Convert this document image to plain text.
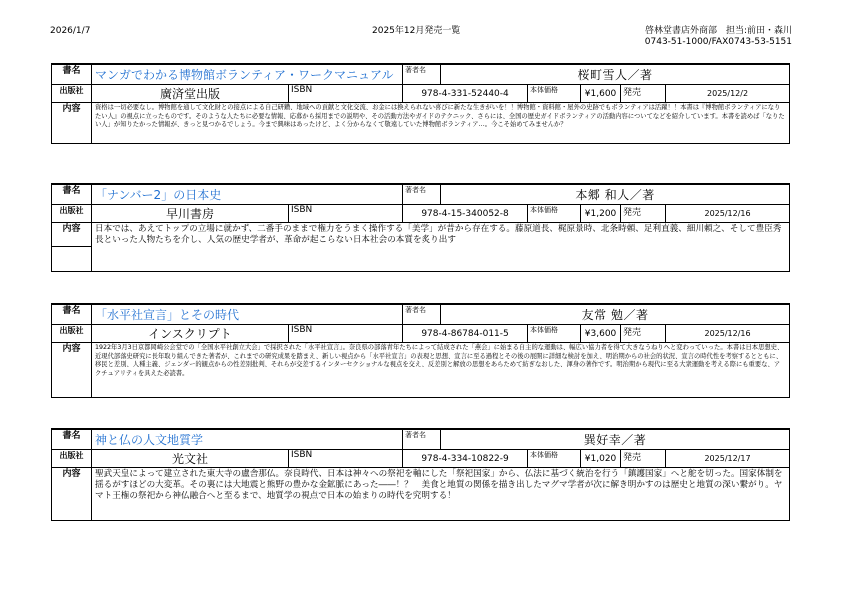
2026/1/7	2025年12月発売一覧	啓林堂書店外商部　担当:前田・森川
0743-51-1000/FAX0743-53-5151
書名	マンガでわかる博物館ボランティア・ワークマニュアル		著者名	桜町雪人／著				
出版社	廣済堂出版	ISBN	978-4-331-52440-4		本体価格	¥1,600	発売	2025/12/2
内容	資格は一切必要なし。博物館を通して文化財との接点による自己研鑽、地域への貢献と文化交流、お金には換えられない喜びに新たな生きがいを！！博物館・資料館・屋外の史跡でもボランティアは活躍！！本書は『博物館ボランティアになりたい人』の視点に立ったものです。そのような人たちに必要な情報、応募から採用までの説明や、その活動方法やガイドのテクニック、さらには、全国の歴史ガイドボランティアの活動内容についてなどを紹介しています。本書を読めば「なりたい人」が知りたかった情報が、きっと見つかるでしょう。今まで興味はあったけど、よく分からなくて敬遠していた博物館ボランティア…。今こそ始めてみませんか？							
書名	「ナンバー2」の日本史		著者名	本郷 和人／著				
出版社	早川書房	ISBN	978-4-15-340052-8		本体価格	¥1,200	発売	2025/12/16
内容	日本では、あえてトップの立場に就かず、二番手のままで権力をうまく操作する「美学」が昔から存在する。藤原道長、梶原景時、北条時頼、足利直義、細川頼之、そして豊臣秀長といった人物たちを介し、人気の歴史学者が、革命が起こらない日本社会の本質を炙り出す							

書名	「水平社宣言」とその時代		著者名	友常 勉／著				
出版社	インスクリプト	ISBN	978-4-86784-011-5		本体価格	¥3,600	発売	2025/12/16
内容	1922年3月3日京都岡崎公会堂での「全国水平社創立大会」で採択された「水平社宣言」。奈良県の部落青年たちによって結成された「燕会」に始まる自主的な運動は、幅広い協力者を得て大きなうねりへと変わっていった。本書は日本思想史、近現代部落史研究に長年取り組んできた著者が、これまでの研究成果を踏まえ、新しい視点から「水平社宣言」の表現と思想、宣言に至る過程とその後の展開に詳細な検討を加え、明治期からの社会的状況、宣言の時代性を考察するとともに、移民と差別、人種主義、ジェンダー的観点からの性差別批判、それらが交差するインターセクショナルな視点を交え、反差別と解放の思想をあらためて紡ぎなおした、渾身の著作です。明治期から現代に至る大衆運動を考える際にも重要な、アクチュアリティを具えた必読書。							
書名	神と仏の人文地質学		著者名	巽好幸／著				
出版社	光文社	ISBN	978-4-334-10822-9		本体価格	¥1,020	発売	2025/12/17
内容	聖武天皇によって建立された東大寺の盧舎那仏。奈良時代、日本は神々への祭祀を軸にした「祭祀国家」から、仏法に基づく統治を行う「鎮護国家」へと舵を切った。国家体制を揺るがすほどの大変革。その裏には大地震と熊野の豊かな金鉱脈にあった――！？　美食と地質の関係を描き出したマグマ学者が次に解き明かすのは歴史と地質の深い繋がり。ヤマト王権の祭祀から神仏融合へと至るまで、地質学の視点で日本の始まりの時代を究明する！							
